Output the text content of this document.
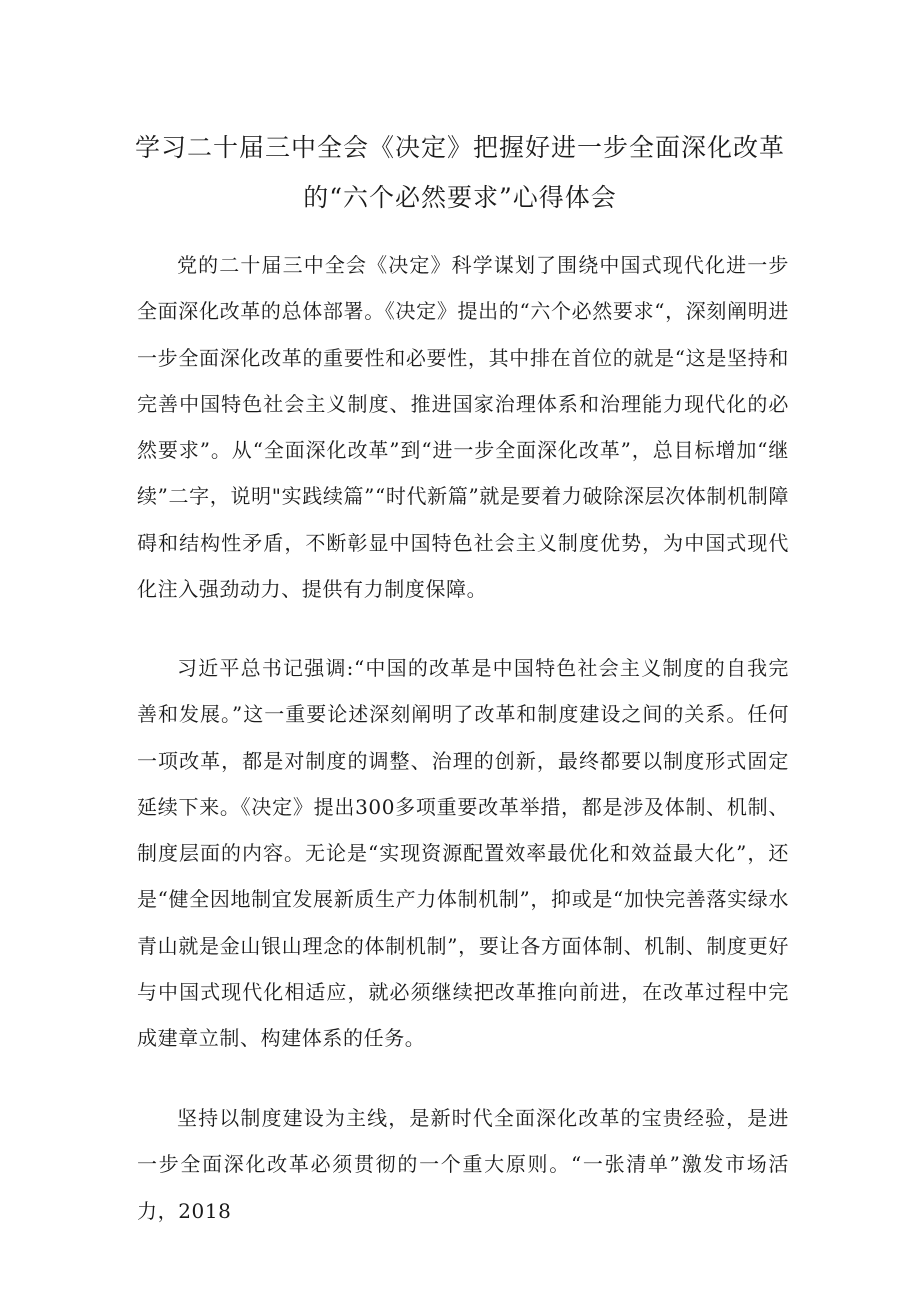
学习二十届三中全会《决定》把握好进一步全面深化改革
的“六个必然要求”心得体会

党的二十届三中全会《决定》科学谋划了围绕中国式现代化进一步全面深化改革的总体部署。《决定》提出的“六个必然要求“，深刻阐明进一步全面深化改革的重要性和必要性，其中排在首位的就是“这是坚持和完善中国特色社会主义制度、推进国家治理体系和治理能力现代化的必然要求”。从“全面深化改革”到“进一步全面深化改革”，总目标增加“继续”二字，说明"实践续篇”“时代新篇”就是要着力破除深层次体制机制障碍和结构性矛盾，不断彰显中国特色社会主义制度优势，为中国式现代化注入强劲动力、提供有力制度保障。

习近平总书记强调:“中国的改革是中国特色社会主义制度的自我完善和发展。”这一重要论述深刻阐明了改革和制度建设之间的关系。任何一项改革，都是对制度的调整、治理的创新，最终都要以制度形式固定延续下来。《决定》提出300多项重要改革举措，都是涉及体制、机制、制度层面的内容。无论是“实现资源配置效率最优化和效益最大化”，还是“健全因地制宜发展新质生产力体制机制”，抑或是“加快完善落实绿水青山就是金山银山理念的体制机制”，要让各方面体制、机制、制度更好与中国式现代化相适应，就必须继续把改革推向前进，在改革过程中完成建章立制、构建体系的任务。

坚持以制度建设为主线，是新时代全面深化改革的宝贵经验，是进一步全面深化改革必须贯彻的一个重大原则。“一张清单”激发市场活力，2018
